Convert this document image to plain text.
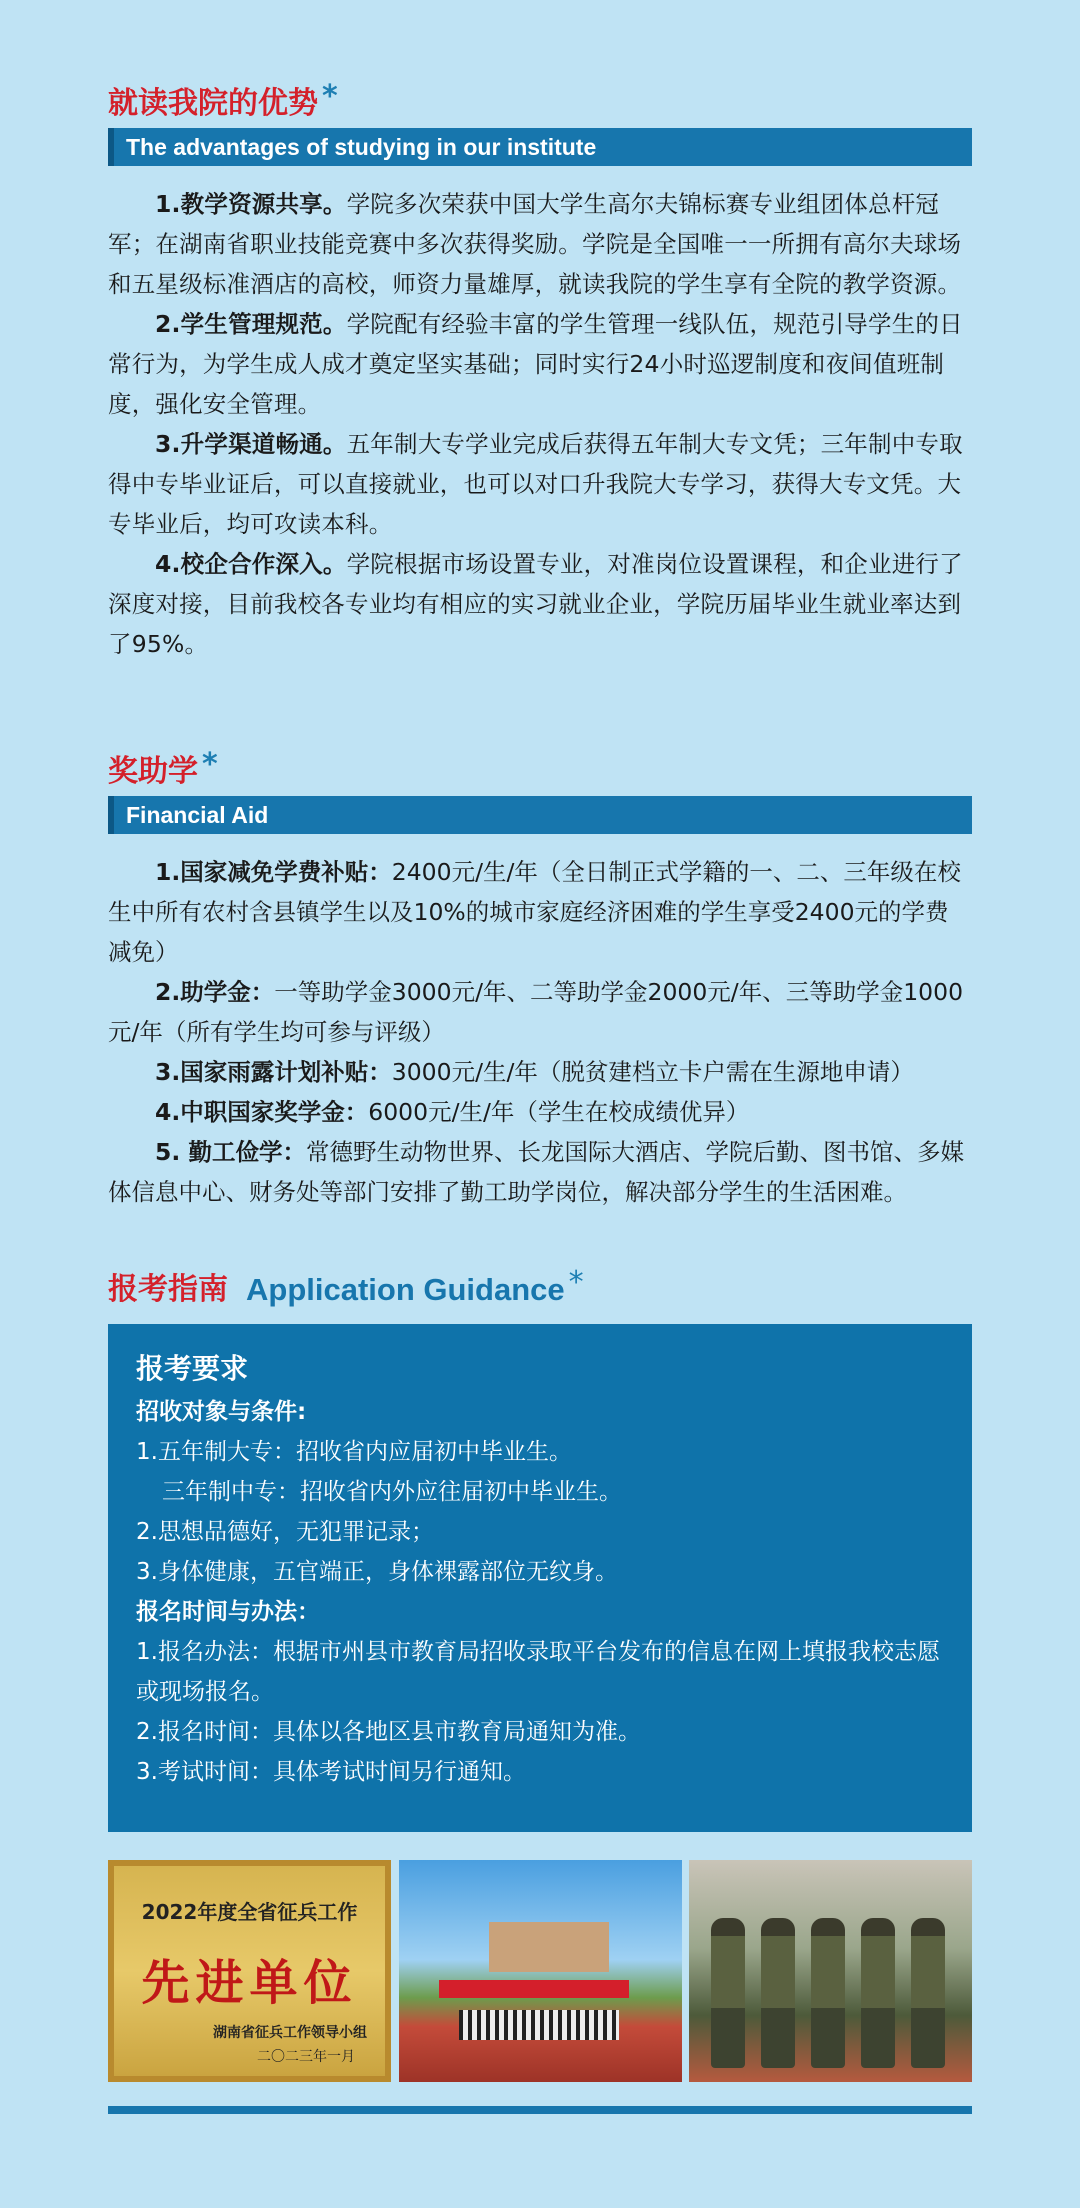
就读我院的优势 *
The advantages of studying in our institute

1.教学资源共享。学院多次荣获中国大学生高尔夫锦标赛专业组团体总杆冠军；在湖南省职业技能竞赛中多次获得奖励。学院是全国唯一一所拥有高尔夫球场和五星级标准酒店的高校，师资力量雄厚，就读我院的学生享有全院的教学资源。

2.学生管理规范。学院配有经验丰富的学生管理一线队伍，规范引导学生的日常行为，为学生成人成才奠定坚实基础；同时实行24小时巡逻制度和夜间值班制度，强化安全管理。

3.升学渠道畅通。五年制大专学业完成后获得五年制大专文凭；三年制中专取得中专毕业证后，可以直接就业，也可以对口升我院大专学习，获得大专文凭。大专毕业后，均可攻读本科。

4.校企合作深入。学院根据市场设置专业，对准岗位设置课程，和企业进行了深度对接，目前我校各专业均有相应的实习就业企业，学院历届毕业生就业率达到了95%。

奖助学 *
Financial Aid

1.国家减免学费补贴：2400元/生/年（全日制正式学籍的一、二、三年级在校生中所有农村含县镇学生以及10%的城市家庭经济困难的学生享受2400元的学费减免）

2.助学金：一等助学金3000元/年、二等助学金2000元/年、三等助学金1000元/年（所有学生均可参与评级）

3.国家雨露计划补贴：3000元/生/年（脱贫建档立卡户需在生源地申请）

4.中职国家奖学金：6000元/生/年（学生在校成绩优异）

5. 勤工俭学：常德野生动物世界、长龙国际大酒店、学院后勤、图书馆、多媒体信息中心、财务处等部门安排了勤工助学岗位，解决部分学生的生活困难。

报考指南 Application Guidance *
报考要求
招收对象与条件:
1.五年制大专：招收省内应届初中毕业生。
三年制中专：招收省内外应往届初中毕业生。
2.思想品德好，无犯罪记录；
3.身体健康，五官端正，身体裸露部位无纹身。
报名时间与办法：
1.报名办法：根据市州县市教育局招收录取平台发布的信息在网上填报我校志愿或现场报名。
2.报名时间：具体以各地区县市教育局通知为准。
3.考试时间：具体考试时间另行通知。
2022年度全省征兵工作
先进单位
湖南省征兵工作领导小组
二〇二三年一月
